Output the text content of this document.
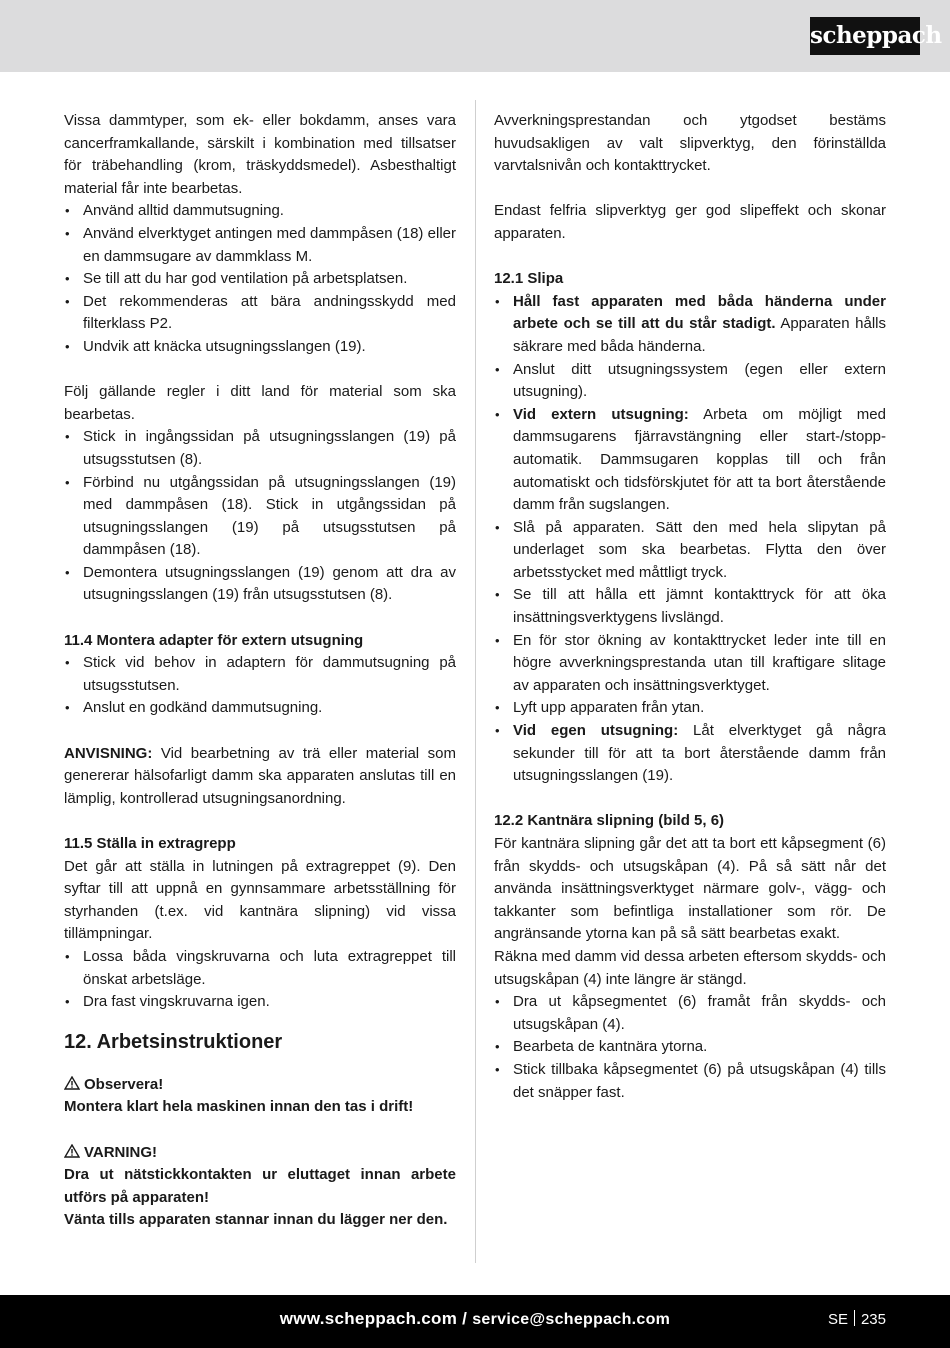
scheppach

Vissa dammtyper, som ek- eller bokdamm, anses vara cancerframkallande, särskilt i kombination med tillsatser för träbehandling (krom, träskyddsmedel). Asbesthaltigt material får inte bearbetas.

• Använd alltid dammutsugning.
• Använd elverktyget antingen med dammpåsen (18) eller en dammsugare av dammklass M.
• Se till att du har god ventilation på arbetsplatsen.
• Det rekommenderas att bära andningsskydd med filterklass P2.
• Undvik att knäcka utsugningsslangen (19).

Följ gällande regler i ditt land för material som ska bearbetas.

• Stick in ingångssidan på utsugningsslangen (19) på utsugsstutsen (8).
• Förbind nu utgångssidan på utsugningsslangen (19) med dammpåsen (18). Stick in utgångssidan på utsugningsslangen (19) på utsugsstutsen på dammpåsen (18).
• Demontera utsugningsslangen (19) genom att dra av utsugningsslangen (19) från utsugsstutsen (8).
11.4 Montera adapter för extern utsugning
• Stick vid behov in adaptern för dammutsugning på utsugsstutsen.
• Anslut en godkänd dammutsugning.

ANVISNING: Vid bearbetning av trä eller material som genererar hälsofarligt damm ska apparaten anslutas till en lämplig, kontrollerad utsugningsanordning.

11.5 Ställa in extragrepp

Det går att ställa in lutningen på extragreppet (9). Den syftar till att uppnå en gynnsammare arbetsställning för styrhanden (t.ex. vid kantnära slipning) vid vissa tillämpningar.

• Lossa båda vingskruvarna och luta extragreppet till önskat arbetsläge.
• Dra fast vingskruvarna igen.
12. Arbetsinstruktioner
Observera!

Montera klart hela maskinen innan den tas i drift!

VARNING!

Dra ut nätstickkontakten ur eluttaget innan arbete utförs på apparaten!

Vänta tills apparaten stannar innan du lägger ner den.

Avverkningsprestandan och ytgodset bestäms huvudsakligen av valt slipverktyg, den förinställda varvtalsnivån och kontakttrycket.

Endast felfria slipverktyg ger god slipeffekt och skonar apparaten.

12.1 Slipa
• Håll fast apparaten med båda händerna under arbete och se till att du står stadigt. Apparaten hålls säkrare med båda händerna.
• Anslut ditt utsugningssystem (egen eller extern utsugning).
• Vid extern utsugning: Arbeta om möjligt med dammsugarens fjärravstängning eller start-/stopp-automatik. Dammsugaren kopplas till och från automatiskt och tidsförskjutet för att ta bort återstående damm från sugslangen.
• Slå på apparaten. Sätt den med hela slipytan på underlaget som ska bearbetas. Flytta den över arbetsstycket med måttligt tryck.
• Se till att hålla ett jämnt kontakttryck för att öka insättningsverktygens livslängd.
• En för stor ökning av kontakttrycket leder inte till en högre avverkningsprestanda utan till kraftigare slitage av apparaten och insättningsverktyget.
• Lyft upp apparaten från ytan.
• Vid egen utsugning: Låt elverktyget gå några sekunder till för att ta bort återstående damm från utsugningsslangen (19).
12.2 Kantnära slipning (bild 5, 6)

För kantnära slipning går det att ta bort ett kåpsegment (6) från skydds- och utsugskåpan (4). På så sätt når det använda insättningsverktyget närmare golv-, vägg- och takkanter som befintliga installationer som rör. De angränsande ytorna kan på så sätt bearbetas exakt.

Räkna med damm vid dessa arbeten eftersom skydds- och utsugskåpan (4) inte längre är stängd.

• Dra ut kåpsegmentet (6) framåt från skydds- och utsugskåpan (4).
• Bearbeta de kantnära ytorna.
• Stick tillbaka kåpsegmentet (6) på utsugskåpan (4) tills det snäpper fast.
www.scheppach.com / service@scheppach.com	SE 235
